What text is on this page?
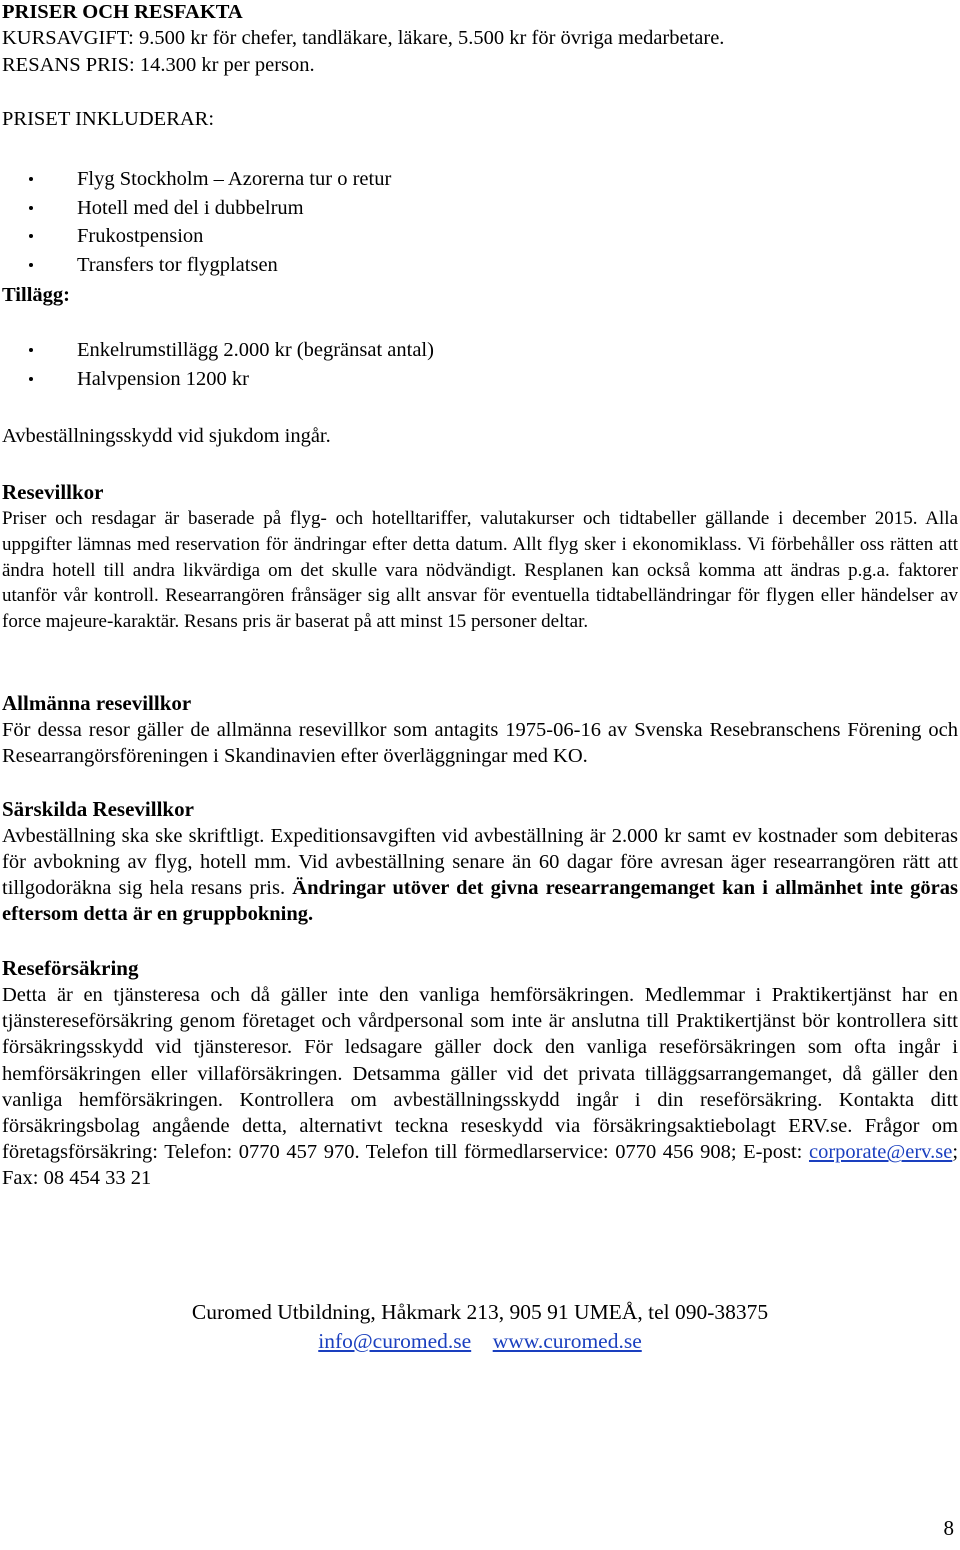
PRISER OCH RESFAKTA
KURSAVGIFT: 9.500 kr för chefer, tandläkare, läkare, 5.500 kr för övriga medarbetare.
RESANS PRIS: 14.300 kr per person.
PRISET INKLUDERAR:
Flyg Stockholm – Azorerna tur o retur
Hotell med del i dubbelrum
Frukostpension
Transfers tor flygplatsen
Tillägg:
Enkelrumstillägg 2.000 kr (begränsat antal)
Halvpension 1200 kr
Avbeställningsskydd vid sjukdom ingår.
Resevillkor
Priser och resdagar är baserade på flyg- och hotelltariffer, valutakurser och tidtabeller gällande i december 2015. Alla uppgifter lämnas med reservation för ändringar efter detta datum. Allt flyg sker i ekonomiklass. Vi förbehåller oss rätten att ändra hotell till andra likvärdiga om det skulle vara nödvändigt. Resplanen kan också komma att ändras p.g.a. faktorer utanför vår kontroll. Researrangören frånsäger sig allt ansvar för eventuella tidtabelländringar för flygen eller händelser av force majeure-karaktär. Resans pris är baserat på att minst 15 personer deltar.
Allmänna resevillkor
För dessa resor gäller de allmänna resevillkor som antagits 1975-06-16 av Svenska Resebranschens Förening och Researrangörsföreningen i Skandinavien efter överläggningar med KO.
Särskilda Resevillkor
Avbeställning ska ske skriftligt. Expeditionsavgiften vid avbeställning är 2.000 kr samt ev kostnader som debiteras för avbokning av flyg, hotell mm. Vid avbeställning senare än 60 dagar före avresan äger researrangören rätt att tillgodoräkna sig hela resans pris. Ändringar utöver det givna researrangemanget kan i allmänhet inte göras eftersom detta är en gruppbokning.
Reseförsäkring
Detta är en tjänsteresa och då gäller inte den vanliga hemförsäkringen. Medlemmar i Praktikertjänst har en tjänstereseförsäkring genom företaget och vårdpersonal som inte är anslutna till Praktikertjänst bör kontrollera sitt försäkringsskydd vid tjänsteresor. För ledsagare gäller dock den vanliga reseförsäkringen som ofta ingår i hemförsäkringen eller villaförsäkringen. Detsamma gäller vid det privata tilläggsarrangemanget, då gäller den vanliga hemförsäkringen. Kontrollera om avbeställningsskydd ingår i din reseförsäkring. Kontakta ditt försäkringsbolag angående detta, alternativt teckna reseskydd via försäkringsaktiebolagt ERV.se. Frågor om företagsförsäkring: Telefon: 0770 457 970. Telefon till förmedlarservice: 0770 456 908; E-post: corporate@erv.se; Fax: 08 454 33 21
Curomed Utbildning, Håkmark 213, 905 91 UMEÅ, tel 090-38375
info@curomed.se www.curomed.se
8
